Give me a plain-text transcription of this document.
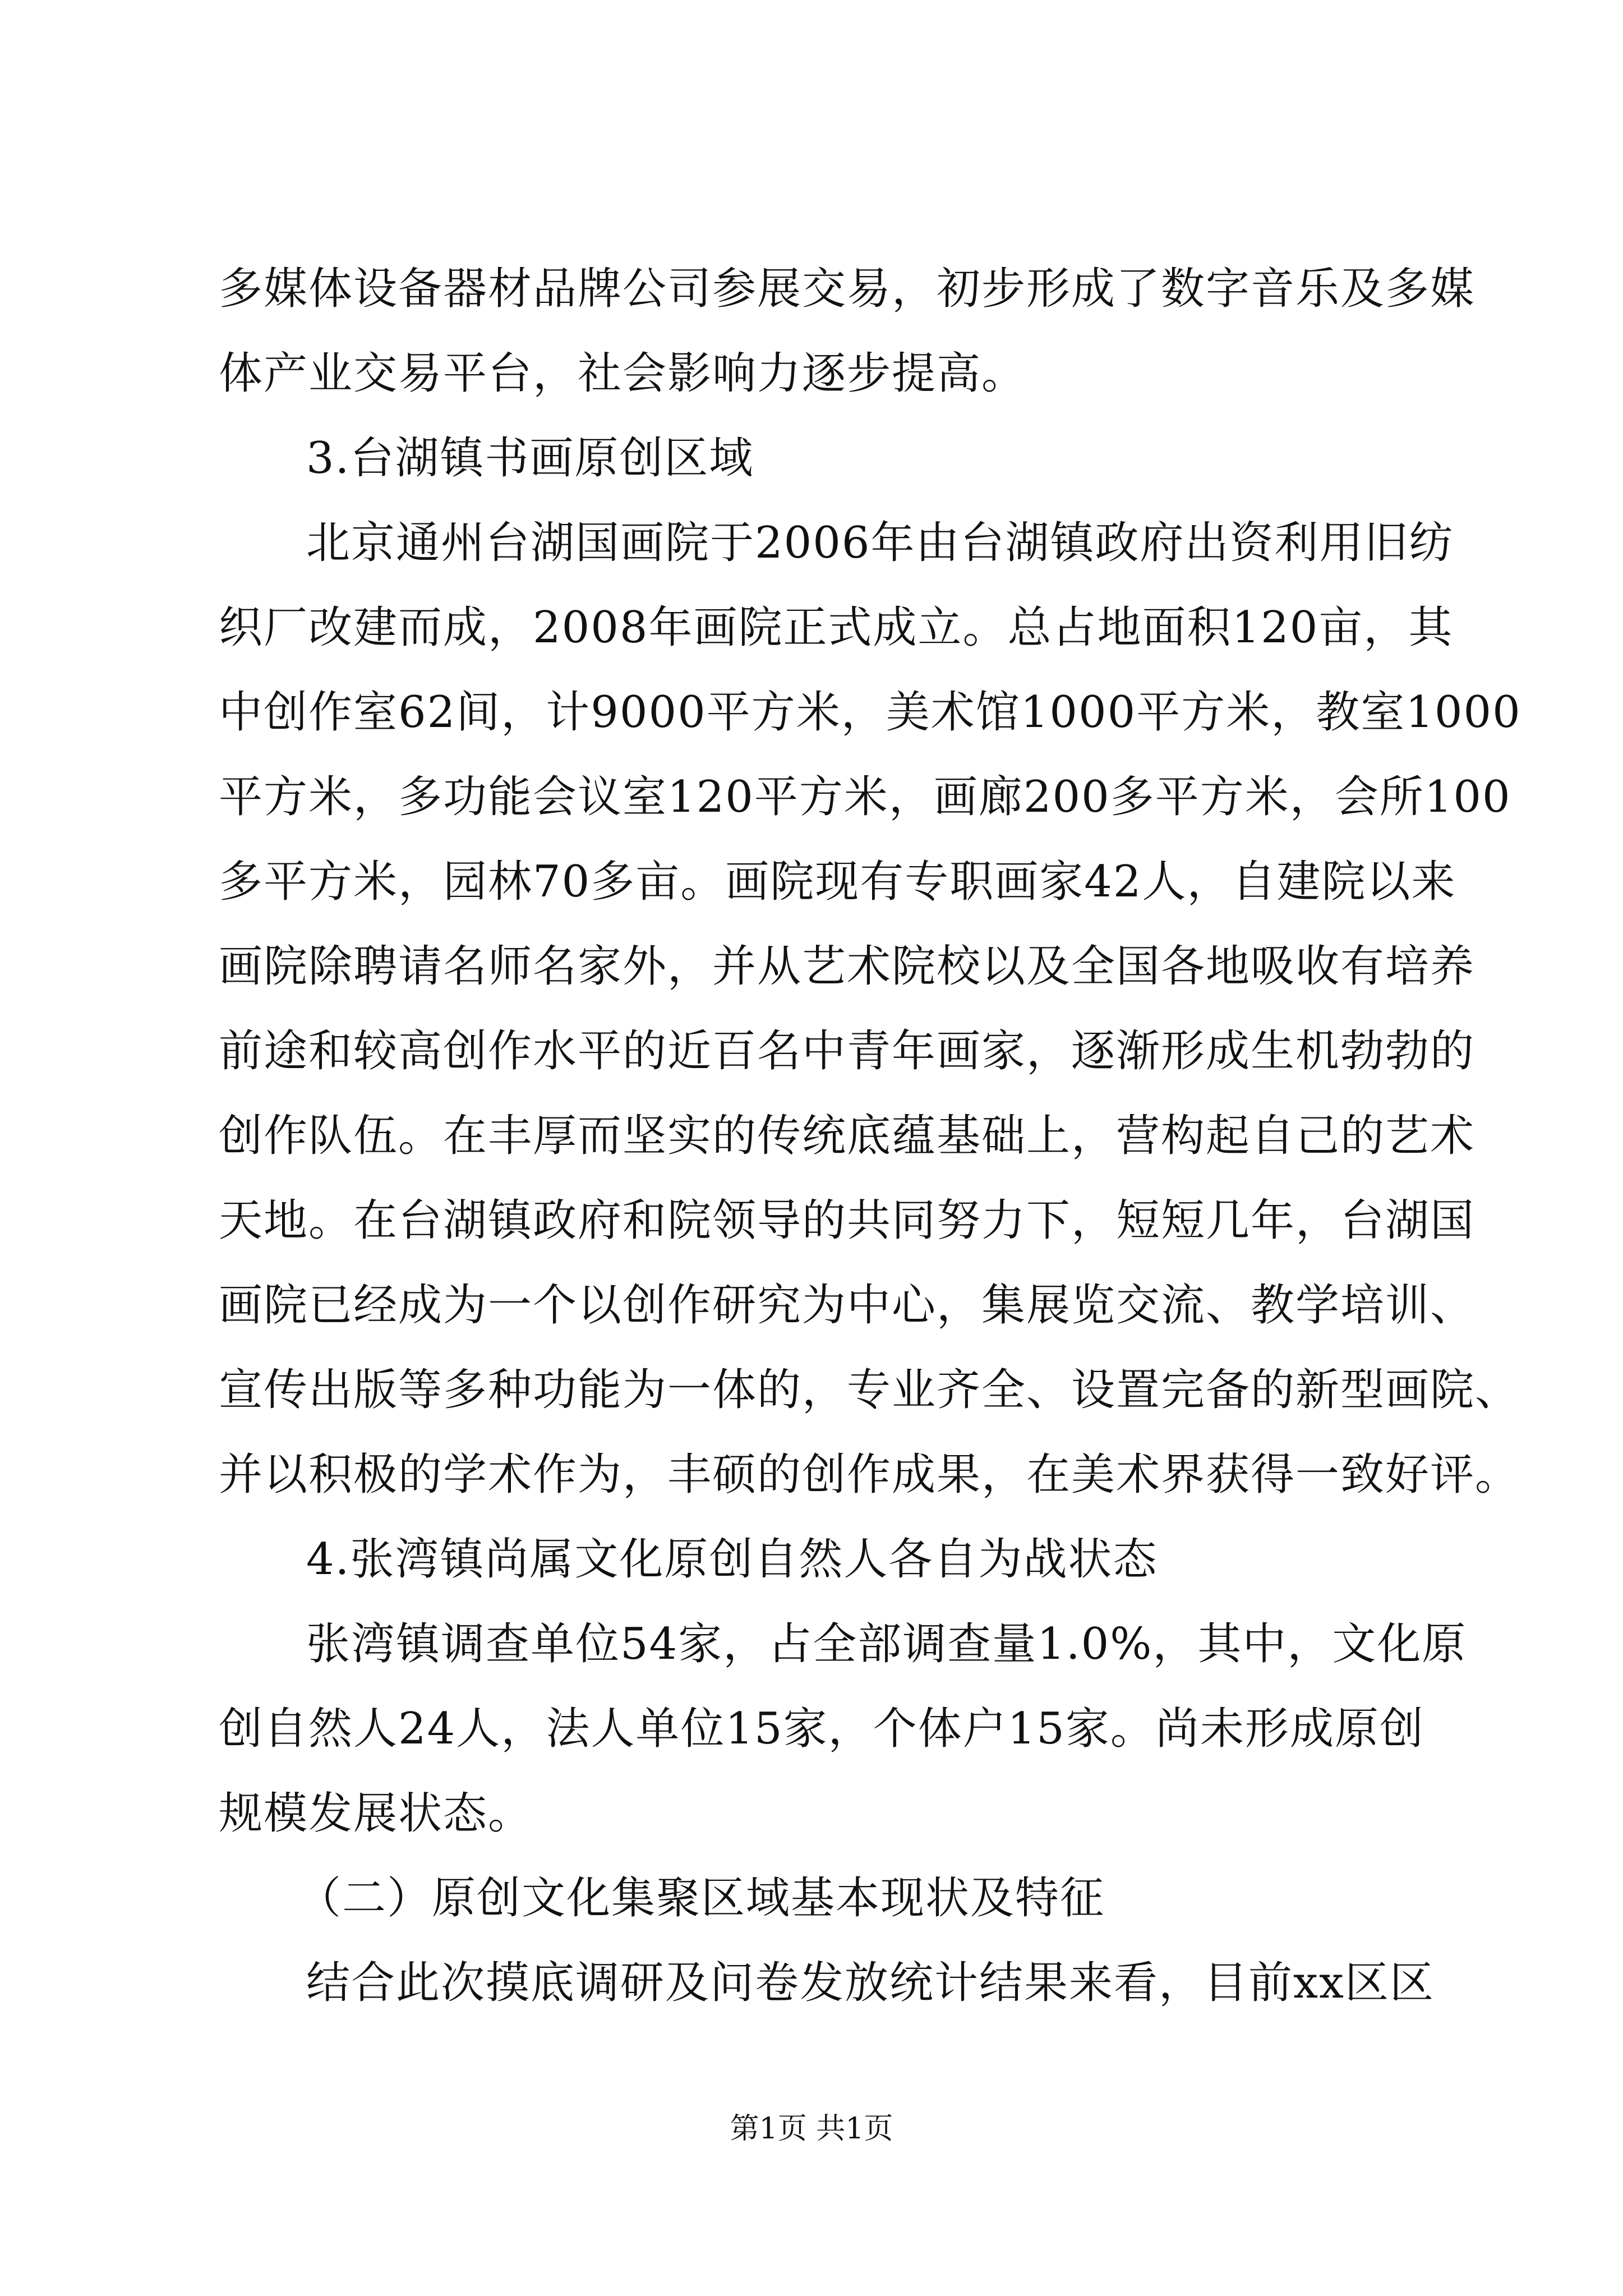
多媒体设备器材品牌公司参展交易，初步形成了数字音乐及多媒
体产业交易平台，社会影响力逐步提高。
3.台湖镇书画原创区域
北京通州台湖国画院于2006年由台湖镇政府出资利用旧纺
织厂改建而成，2008年画院正式成立。总占地面积120亩，其
中创作室62间，计9000平方米，美术馆1000平方米，教室1000
平方米，多功能会议室120平方米，画廊200多平方米，会所100
多平方米，园林70多亩。画院现有专职画家42人，自建院以来
画院除聘请名师名家外，并从艺术院校以及全国各地吸收有培养
前途和较高创作水平的近百名中青年画家，逐渐形成生机勃勃的
创作队伍。在丰厚而坚实的传统底蕴基础上，营构起自己的艺术
天地。在台湖镇政府和院领导的共同努力下，短短几年，台湖国
画院已经成为一个以创作研究为中心，集展览交流、教学培训、
宣传出版等多种功能为一体的，专业齐全、设置完备的新型画院、
并以积极的学术作为，丰硕的创作成果，在美术界获得一致好评。
4.张湾镇尚属文化原创自然人各自为战状态
张湾镇调查单位54家，占全部调查量1.0%，其中，文化原
创自然人24人，法人单位15家，个体户15家。尚未形成原创
规模发展状态。
（二）原创文化集聚区域基本现状及特征
结合此次摸底调研及问卷发放统计结果来看，目前xx区区
第1页 共1页
